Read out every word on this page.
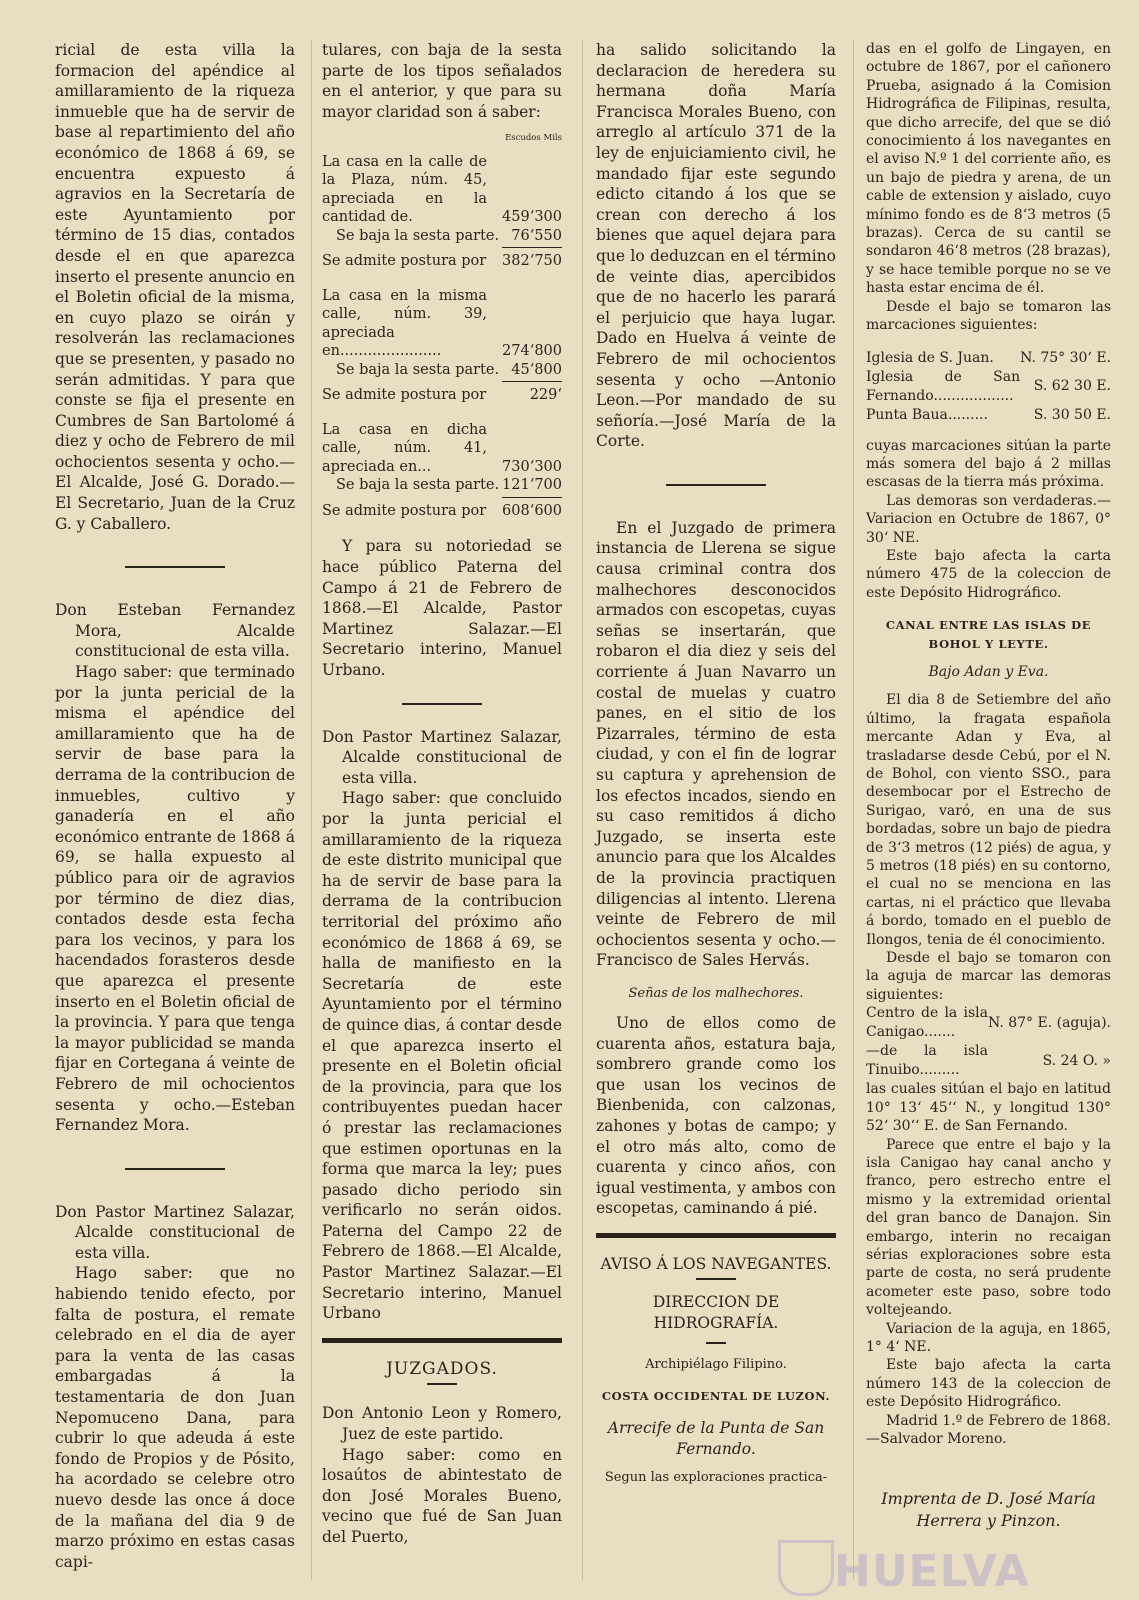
ricial de esta villa la formacion del apéndice al amillaramiento de la riqueza inmueble que ha de servir de base al repartimiento del año económico de 1868 á 69, se encuentra expuesto á agravios en la Secretaría de este Ayuntamiento por término de 15 dias, contados desde el en que aparezca inserto el presente anuncio en el Boletin oficial de la misma, en cuyo plazo se oirán y resolverán las reclamaciones que se presenten, y pasado no serán admitidas. Y para que conste se fija el presente en Cumbres de San Bartolomé á diez y ocho de Febrero de mil ochocientos sesenta y ocho.—El Alcalde, José G. Dorado.—El Secretario, Juan de la Cruz G. y Caballero.

Don Esteban Fernandez Mora, Alcalde constitucional de esta villa.

Hago saber: que terminado por la junta pericial de la misma el apéndice del amillaramiento que ha de servir de base para la derrama de la contribucion de inmuebles, cultivo y ganadería en el año económico entrante de 1868 á 69, se halla expuesto al público para oir de agravios por término de diez dias, contados desde esta fecha para los vecinos, y para los hacendados forasteros desde que aparezca el presente inserto en el Boletin oficial de la provincia. Y para que tenga la mayor publicidad se manda fijar en Cortegana á veinte de Febrero de mil ochocientos sesenta y ocho.—Esteban Fernandez Mora.

Don Pastor Martinez Salazar, Alcalde constitucional de esta villa.

Hago saber: que no habiendo tenido efecto, por falta de postura, el remate celebrado en el dia de ayer para la venta de las casas embargadas á la testamentaria de don Juan Nepomuceno Dana, para cubrir lo que adeuda á este fondo de Propios y de Pósito, ha acordado se celebre otro nuevo desde las once á doce de la mañana del dia 9 de marzo próximo en estas casas capi-

tulares, con baja de la sesta parte de los tipos señalados en el anterior, y que para su mayor claridad son á saber:

Escudos Mils
La casa en la calle de la Plaza, núm. 45, apreciada en la cantidad de.	459‘300
Se baja la sesta parte. 76‘550
Se admite postura por 382‘750
La casa en la misma calle, núm. 39, apreciada en......................	274‘800
Se baja la sesta parte. 45‘800
Se admite postura por	229‘
La casa en dicha calle, núm. 41, apreciada en...	730‘300
Se baja la sesta parte. 121‘700
Se admite postura por 608‘600

Y para su notoriedad se hace público Paterna del Campo á 21 de Febrero de 1868.—El Alcalde, Pastor Martinez Salazar.—El Secretario interino, Manuel Urbano.

Don Pastor Martinez Salazar, Alcalde constitucional de esta villa.

Hago saber: que concluido por la junta pericial el amillaramiento de la riqueza de este distrito municipal que ha de servir de base para la derrama de la contribucion territorial del próximo año económico de 1868 á 69, se halla de manifiesto en la Secretaría de este Ayuntamiento por el término de quince dias, á contar desde el que aparezca inserto el presente en el Boletin oficial de la provincia, para que los contribuyentes puedan hacer ó prestar las reclamaciones que estimen oportunas en la forma que marca la ley; pues pasado dicho periodo sin verificarlo no serán oidos. Paterna del Campo 22 de Febrero de 1868.—El Alcalde, Pastor Martinez Salazar.—El Secretario interino, Manuel Urbano

JUZGADOS.

Don Antonio Leon y Romero, Juez de este partido.

Hago saber: como en losaútos de abintestato de don José Morales Bueno, vecino que fué de San Juan del Puerto,

ha salido solicitando la declaracion de heredera su hermana doña María Francisca Morales Bueno, con arreglo al artículo 371 de la ley de enjuiciamiento civil, he mandado fijar este segundo edicto citando á los que se crean con derecho á los bienes que aquel dejara para que lo deduzcan en el término de veinte dias, apercibidos que de no hacerlo les parará el perjuicio que haya lugar. Dado en Huelva á veinte de Febrero de mil ochocientos sesenta y ocho —Antonio Leon.—Por mandado de su señoría.—José María de la Corte.

En el Juzgado de primera instancia de Llerena se sigue causa criminal contra dos malhechores desconocidos armados con escopetas, cuyas señas se insertarán, que robaron el dia diez y seis del corriente á Juan Navarro un costal de muelas y cuatro panes, en el sitio de los Pizarrales, término de esta ciudad, y con el fin de lograr su captura y aprehension de los efectos incados, siendo en su caso remitidos á dicho Juzgado, se inserta este anuncio para que los Alcaldes de la provincia practiquen diligencias al intento. Llerena veinte de Febrero de mil ochocientos sesenta y ocho.—Francisco de Sales Hervás.

Señas de los malhechores.

Uno de ellos como de cuarenta años, estatura baja, sombrero grande como los que usan los vecinos de Bienbenida, con calzonas, zahones y botas de campo; y el otro más alto, como de cuarenta y cinco años, con igual vestimenta, y ambos con escopetas, caminando á pié.

AVISO Á LOS NAVEGANTES.

DIRECCION DE HIDROGRAFÍA.

Archipiélago Filipino.

COSTA OCCIDENTAL DE LUZON.

Arrecife de la Punta de San Fernando.

Segun las exploraciones practica-

das en el golfo de Lingayen, en octubre de 1867, por el cañonero Prueba, asignado á la Comision Hidrográfica de Filipinas, resulta, que dicho arrecife, del que se dió conocimiento á los navegantes en el aviso N.º 1 del corriente año, es un bajo de piedra y arena, de un cable de extension y aislado, cuyo mínimo fondo es de 8‘3 metros (5 brazas). Cerca de su cantil se sondaron 46‘8 metros (28 brazas), y se hace temible porque no se ve hasta estar encima de él.

Desde el bajo se tomaron las marcaciones siguientes:

Iglesia de S. Juan.	N. 75° 30‘ E.
Iglesia de San Fernando..................	S. 62 30 E.
Punta Baua.........	S. 30 50 E.

cuyas marcaciones sitúan la parte más somera del bajo á 2 millas escasas de la tierra más próxima.

Las demoras son verdaderas.—Variacion en Octubre de 1867, 0° 30‘ NE.

Este bajo afecta la carta número 475 de la coleccion de este Depósito Hidrográfico.

CANAL ENTRE LAS ISLAS DE BOHOL Y LEYTE.

Bajo Adan y Eva.

El dia 8 de Setiembre del año último, la fragata española mercante Adan y Eva, al trasladarse desde Cebú, por el N. de Bohol, con viento SSO., para desembocar por el Estrecho de Surigao, varó, en una de sus bordadas, sobre un bajo de piedra de 3‘3 metros (12 piés) de agua, y 5 metros (18 piés) en su contorno, el cual no se menciona en las cartas, ni el práctico que llevaba á bordo, tomado en el pueblo de Ilongos, tenia de él conocimiento.

Desde el bajo se tomaron con la aguja de marcar las demoras siguientes:

Centro de la isla Canigao.......	N. 87° E. (aguja).
—de la isla Tinuibo.........	S. 24 O. »

las cuales sitúan el bajo en latitud 10° 13‘ 45‘‘ N., y longitud 130° 52‘ 30‘‘ E. de San Fernando.

Parece que entre el bajo y la isla Canigao hay canal ancho y franco, pero estrecho entre el mismo y la extremidad oriental del gran banco de Danajon. Sin embargo, interin no recaigan sérias exploraciones sobre esta parte de costa, no será prudente acometer este paso, sobre todo voltejeando.

Variacion de la aguja, en 1865, 1° 4‘ NE.

Este bajo afecta la carta número 143 de la coleccion de este Depósito Hidrográfico.

Madrid 1.º de Febrero de 1868.—Salvador Moreno.

Imprenta de D. José María Herrera y Pinzon.
HUELVA
